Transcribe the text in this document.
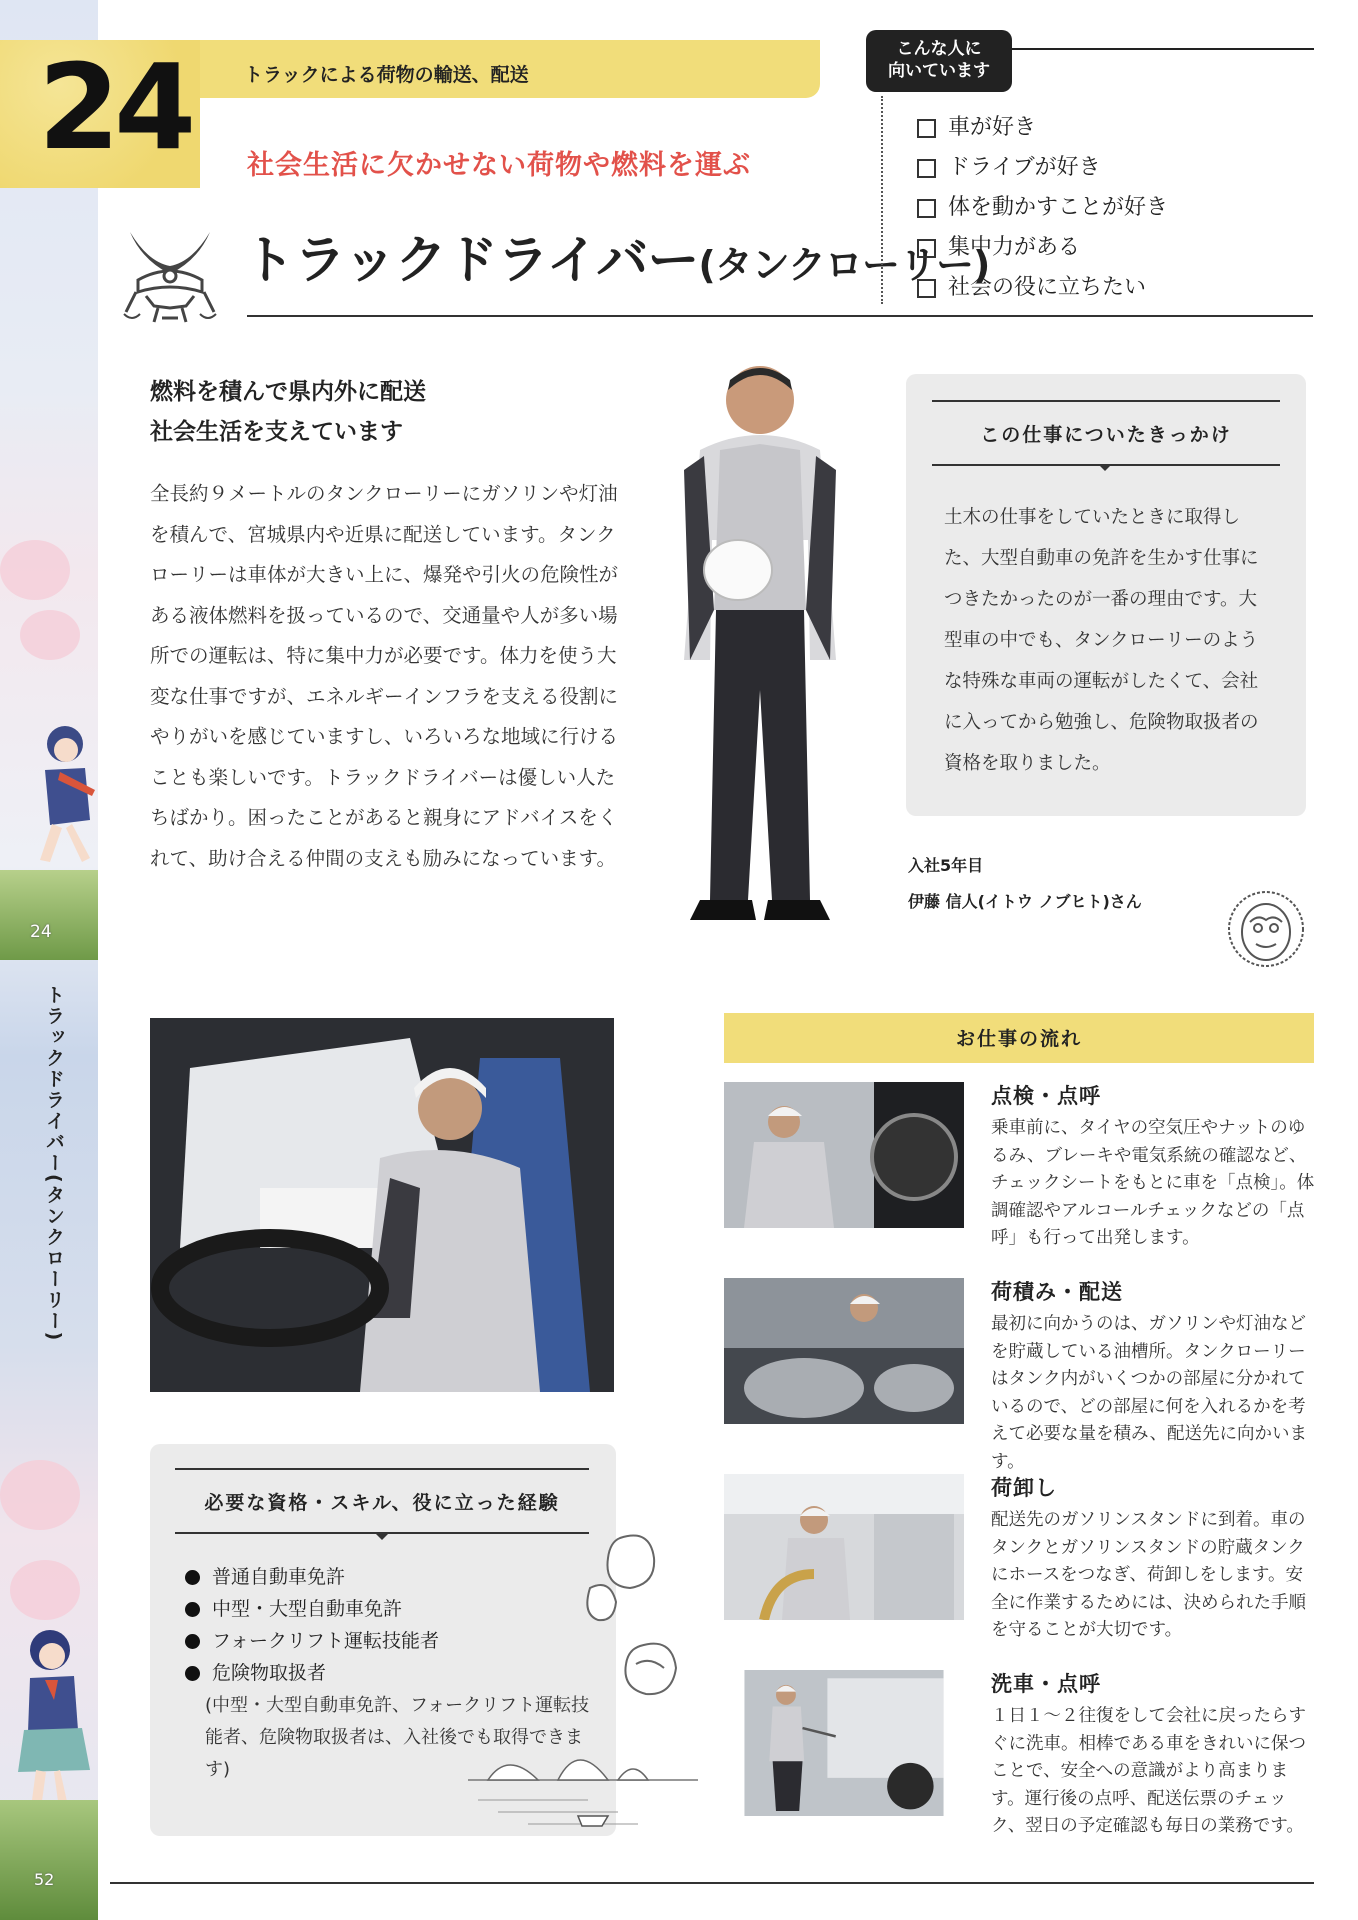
24
トラックドライバー(タンクローリー)
52
24	トラックによる荷物の輸送、配送
社会生活に欠かせない荷物や燃料を運ぶ
トラックドライバー(タンクローリー)
こんな人に
向いています
車が好き
ドライブが好き
体を動かすことが好き
集中力がある
社会の役に立ちたい
燃料を積んで県内外に配送
社会生活を支えています
全長約９メートルのタンクローリーにガソリンや灯油を積んで、宮城県内や近県に配送しています。タンクローリーは車体が大きい上に、爆発や引火の危険性がある液体燃料を扱っているので、交通量や人が多い場所での運転は、特に集中力が必要です。体力を使う大変な仕事ですが、エネルギーインフラを支える役割にやりがいを感じていますし、いろいろな地域に行けることも楽しいです。トラックドライバーは優しい人たちばかり。困ったことがあると親身にアドバイスをくれて、助け合える仲間の支えも励みになっています。
この仕事についたきっかけ
土木の仕事をしていたときに取得した、大型自動車の免許を生かす仕事につきたかったのが一番の理由です。大型車の中でも、タンクローリーのような特殊な車両の運転がしたくて、会社に入ってから勉強し、危険物取扱者の資格を取りました。
入社5年目
伊藤 信人(イトウ ノブヒト)さん
必要な資格・スキル、役に立った経験
普通自動車免許
中型・大型自動車免許
フォークリフト運転技能者
危険物取扱者
(中型・大型自動車免許、フォークリフト運転技能者、危険物取扱者は、入社後でも取得できます)
お仕事の流れ
点検・点呼
乗車前に、タイヤの空気圧やナットのゆるみ、ブレーキや電気系統の確認など、チェックシートをもとに車を「点検」。体調確認やアルコールチェックなどの「点呼」も行って出発します。
荷積み・配送
最初に向かうのは、ガソリンや灯油などを貯蔵している油槽所。タンクローリーはタンク内がいくつかの部屋に分かれているので、どの部屋に何を入れるかを考えて必要な量を積み、配送先に向かいます。
荷卸し
配送先のガソリンスタンドに到着。車のタンクとガソリンスタンドの貯蔵タンクにホースをつなぎ、荷卸しをします。安全に作業するためには、決められた手順を守ることが大切です。
洗車・点呼
１日１～２往復をして会社に戻ったらすぐに洗車。相棒である車をきれいに保つことで、安全への意識がより高まります。運行後の点呼、配送伝票のチェック、翌日の予定確認も毎日の業務です。
